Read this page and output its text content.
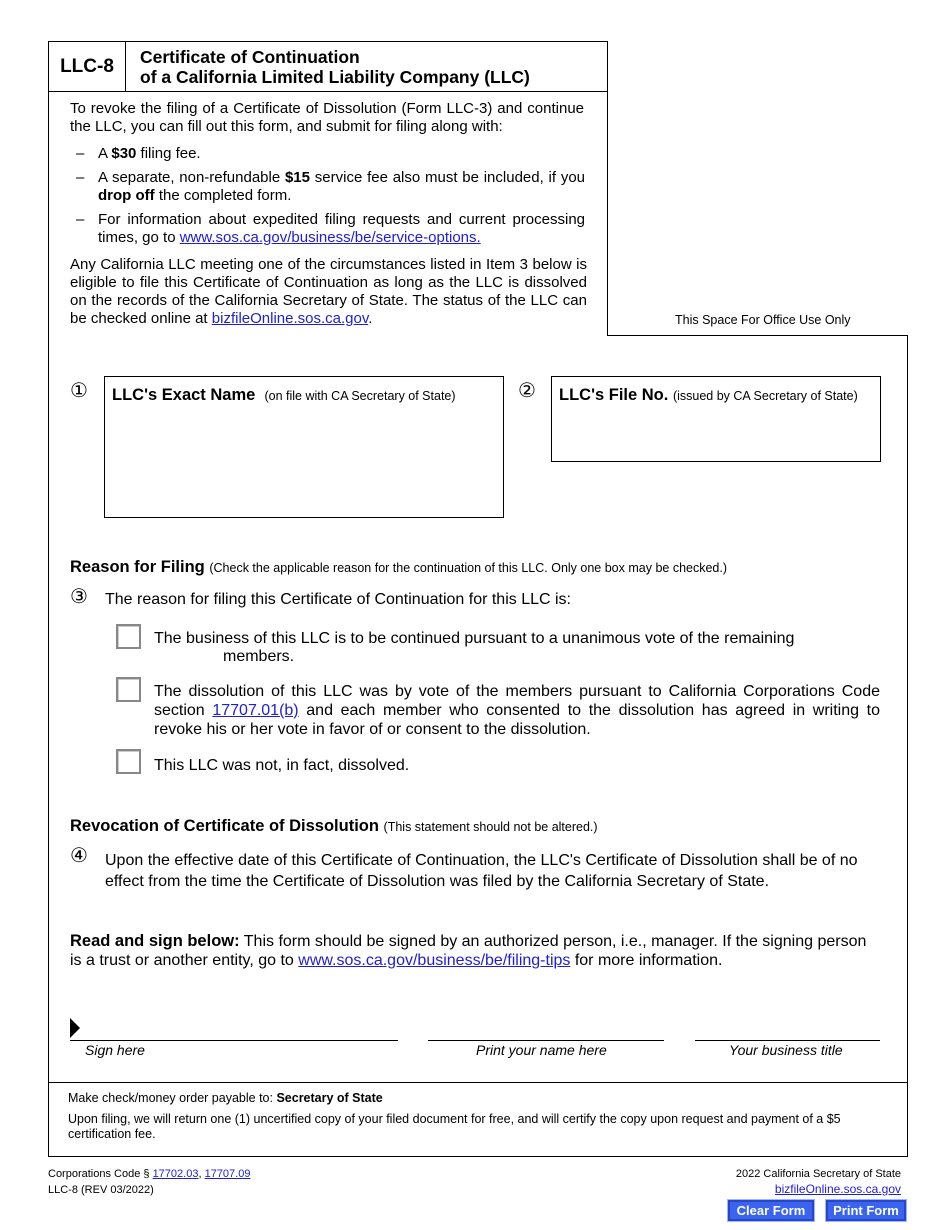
LLC-8	Certificate of Continuation
of a California Limited Liability Company (LLC)
To revoke the filing of a Certificate of Dissolution (Form LLC-3) and continue the LLC, you can fill out this form, and submit for filing along with:
– A $30 filing fee.
– A separate, non-refundable $15 service fee also must be included, if you drop off the completed form.
– For information about expedited filing requests and current processing times, go to www.sos.ca.gov/business/be/service-options.
Any California LLC meeting one of the circumstances listed in Item 3 below is eligible to file this Certificate of Continuation as long as the LLC is dissolved on the records of the California Secretary of State. The status of the LLC can be checked online at bizfileOnline.sos.ca.gov.	This Space For Office Use Only
① LLC's Exact Name (on file with CA Secretary of State)	② LLC's File No. (issued by CA Secretary of State)
Reason for Filing (Check the applicable reason for the continuation of this LLC. Only one box may be checked.)
③ The reason for filing this Certificate of Continuation for this LLC is:
The business of this LLC is to be continued pursuant to a unanimous vote of the remaining
members.
The dissolution of this LLC was by vote of the members pursuant to California Corporations Code section 17707.01(b) and each member who consented to the dissolution has agreed in writing to revoke his or her vote in favor of or consent to the dissolution.
This LLC was not, in fact, dissolved.
Revocation of Certificate of Dissolution (This statement should not be altered.)
④ Upon the effective date of this Certificate of Continuation, the LLC's Certificate of Dissolution shall be of no effect from the time the Certificate of Dissolution was filed by the California Secretary of State.
Read and sign below: This form should be signed by an authorized person, i.e., manager. If the signing person is a trust or another entity, go to www.sos.ca.gov/business/be/filing-tips for more information.
Sign here	Print your name here	Your business title
Make check/money order payable to: Secretary of State
Upon filing, we will return one (1) uncertified copy of your filed document for free, and will certify the copy upon request and payment of a $5 certification fee.
Corporations Code § 17702.03, 17707.09
LLC-8 (REV 03/2022)
2022 California Secretary of State
bizfileOnline.sos.ca.gov
Clear Form	Print Form
